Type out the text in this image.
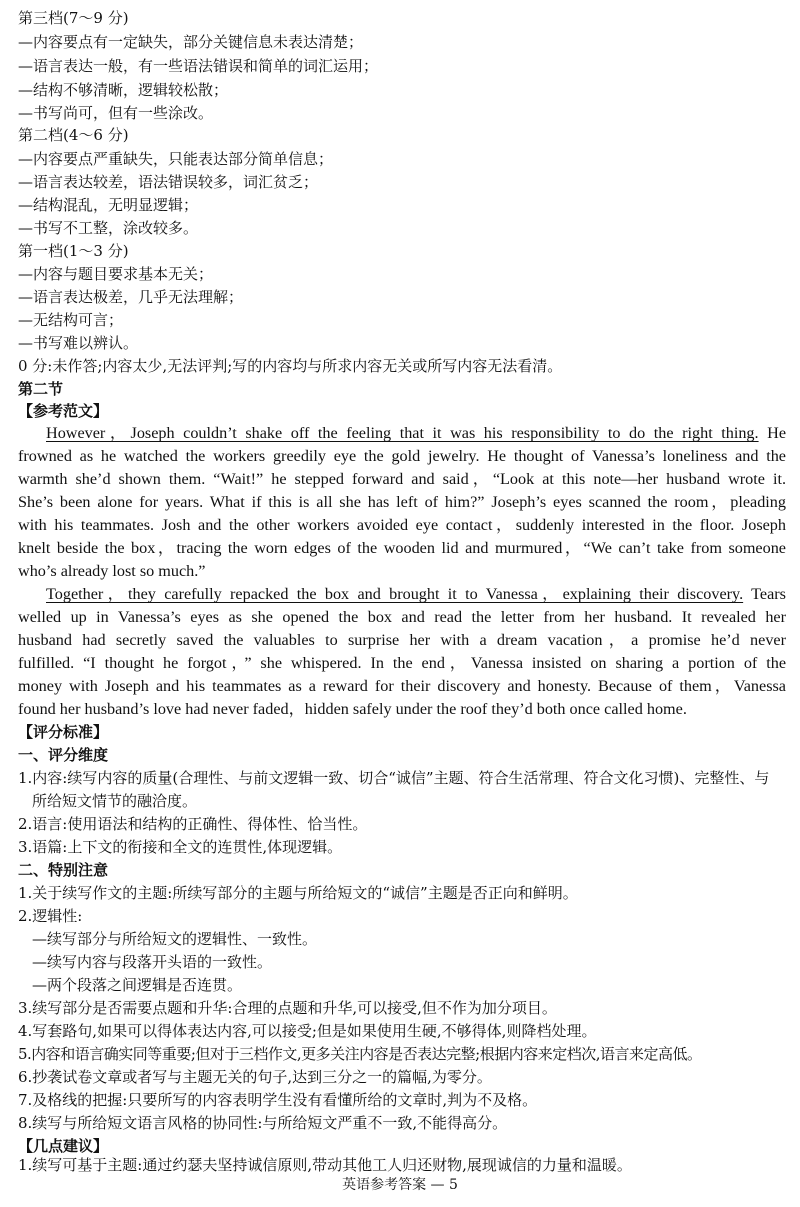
第三档(7～9 分)
—内容要点有一定缺失，部分关键信息未表达清楚；
—语言表达一般，有一些语法错误和简单的词汇运用；
—结构不够清晰，逻辑较松散；
—书写尚可，但有一些涂改。
第二档(4～6 分)
—内容要点严重缺失，只能表达部分简单信息；
—语言表达较差，语法错误较多，词汇贫乏；
—结构混乱，无明显逻辑；
—书写不工整，涂改较多。
第一档(1～3 分)
—内容与题目要求基本无关；
—语言表达极差，几乎无法理解；
—无结构可言；
—书写难以辨认。
0 分:未作答;内容太少,无法评判;写的内容均与所求内容无关或所写内容无法看清。
第二节
【参考范文】
However，Joseph couldn’t shake off the feeling that it was his responsibility to do the right thing. He
frowned as he watched the workers greedily eye the gold jewelry. He thought of Vanessa’s loneliness and the
warmth she’d shown them. “Wait!” he stepped forward and said，“Look at this note—her husband wrote it.
She’s been alone for years. What if this is all she has left of him?” Joseph’s eyes scanned the room，pleading
with his teammates. Josh and the other workers avoided eye contact，suddenly interested in the floor. Joseph
knelt beside the box，tracing the worn edges of the wooden lid and murmured，“We can’t take from someone
who’s already lost so much.”
Together，they carefully repacked the box and brought it to Vanessa，explaining their discovery. Tears
welled up in Vanessa’s eyes as she opened the box and read the letter from her husband. It revealed her
husband had secretly saved the valuables to surprise her with a dream vacation，a promise he’d never
fulfilled. “I thought he forgot，” she whispered. In the end，Vanessa insisted on sharing a portion of the
money with Joseph and his teammates as a reward for their discovery and honesty. Because of them，Vanessa
found her husband’s love had never faded，hidden safely under the roof they’d both once called home.
【评分标准】
一、评分维度
1.内容:续写内容的质量(合理性、与前文逻辑一致、切合“诚信”主题、符合生活常理、符合文化习惯)、完整性、与
所给短文情节的融洽度。
2.语言:使用语法和结构的正确性、得体性、恰当性。
3.语篇:上下文的衔接和全文的连贯性,体现逻辑。
二、特别注意
1.关于续写作文的主题:所续写部分的主题与所给短文的“诚信”主题是否正向和鲜明。
2.逻辑性:
—续写部分与所给短文的逻辑性、一致性。
—续写内容与段落开头语的一致性。
—两个段落之间逻辑是否连贯。
3.续写部分是否需要点题和升华:合理的点题和升华,可以接受,但不作为加分项目。
4.写套路句,如果可以得体表达内容,可以接受;但是如果使用生硬,不够得体,则降档处理。
5.内容和语言确实同等重要;但对于三档作文,更多关注内容是否表达完整;根据内容来定档次,语言来定高低。
6.抄袭试卷文章或者写与主题无关的句子,达到三分之一的篇幅,为零分。
7.及格线的把握:只要所写的内容表明学生没有看懂所给的文章时,判为不及格。
8.续写与所给短文语言风格的协同性:与所给短文严重不一致,不能得高分。
【几点建议】
1.续写可基于主题:通过约瑟夫坚持诚信原则,带动其他工人归还财物,展现诚信的力量和温暖。
英语参考答案 — 5
